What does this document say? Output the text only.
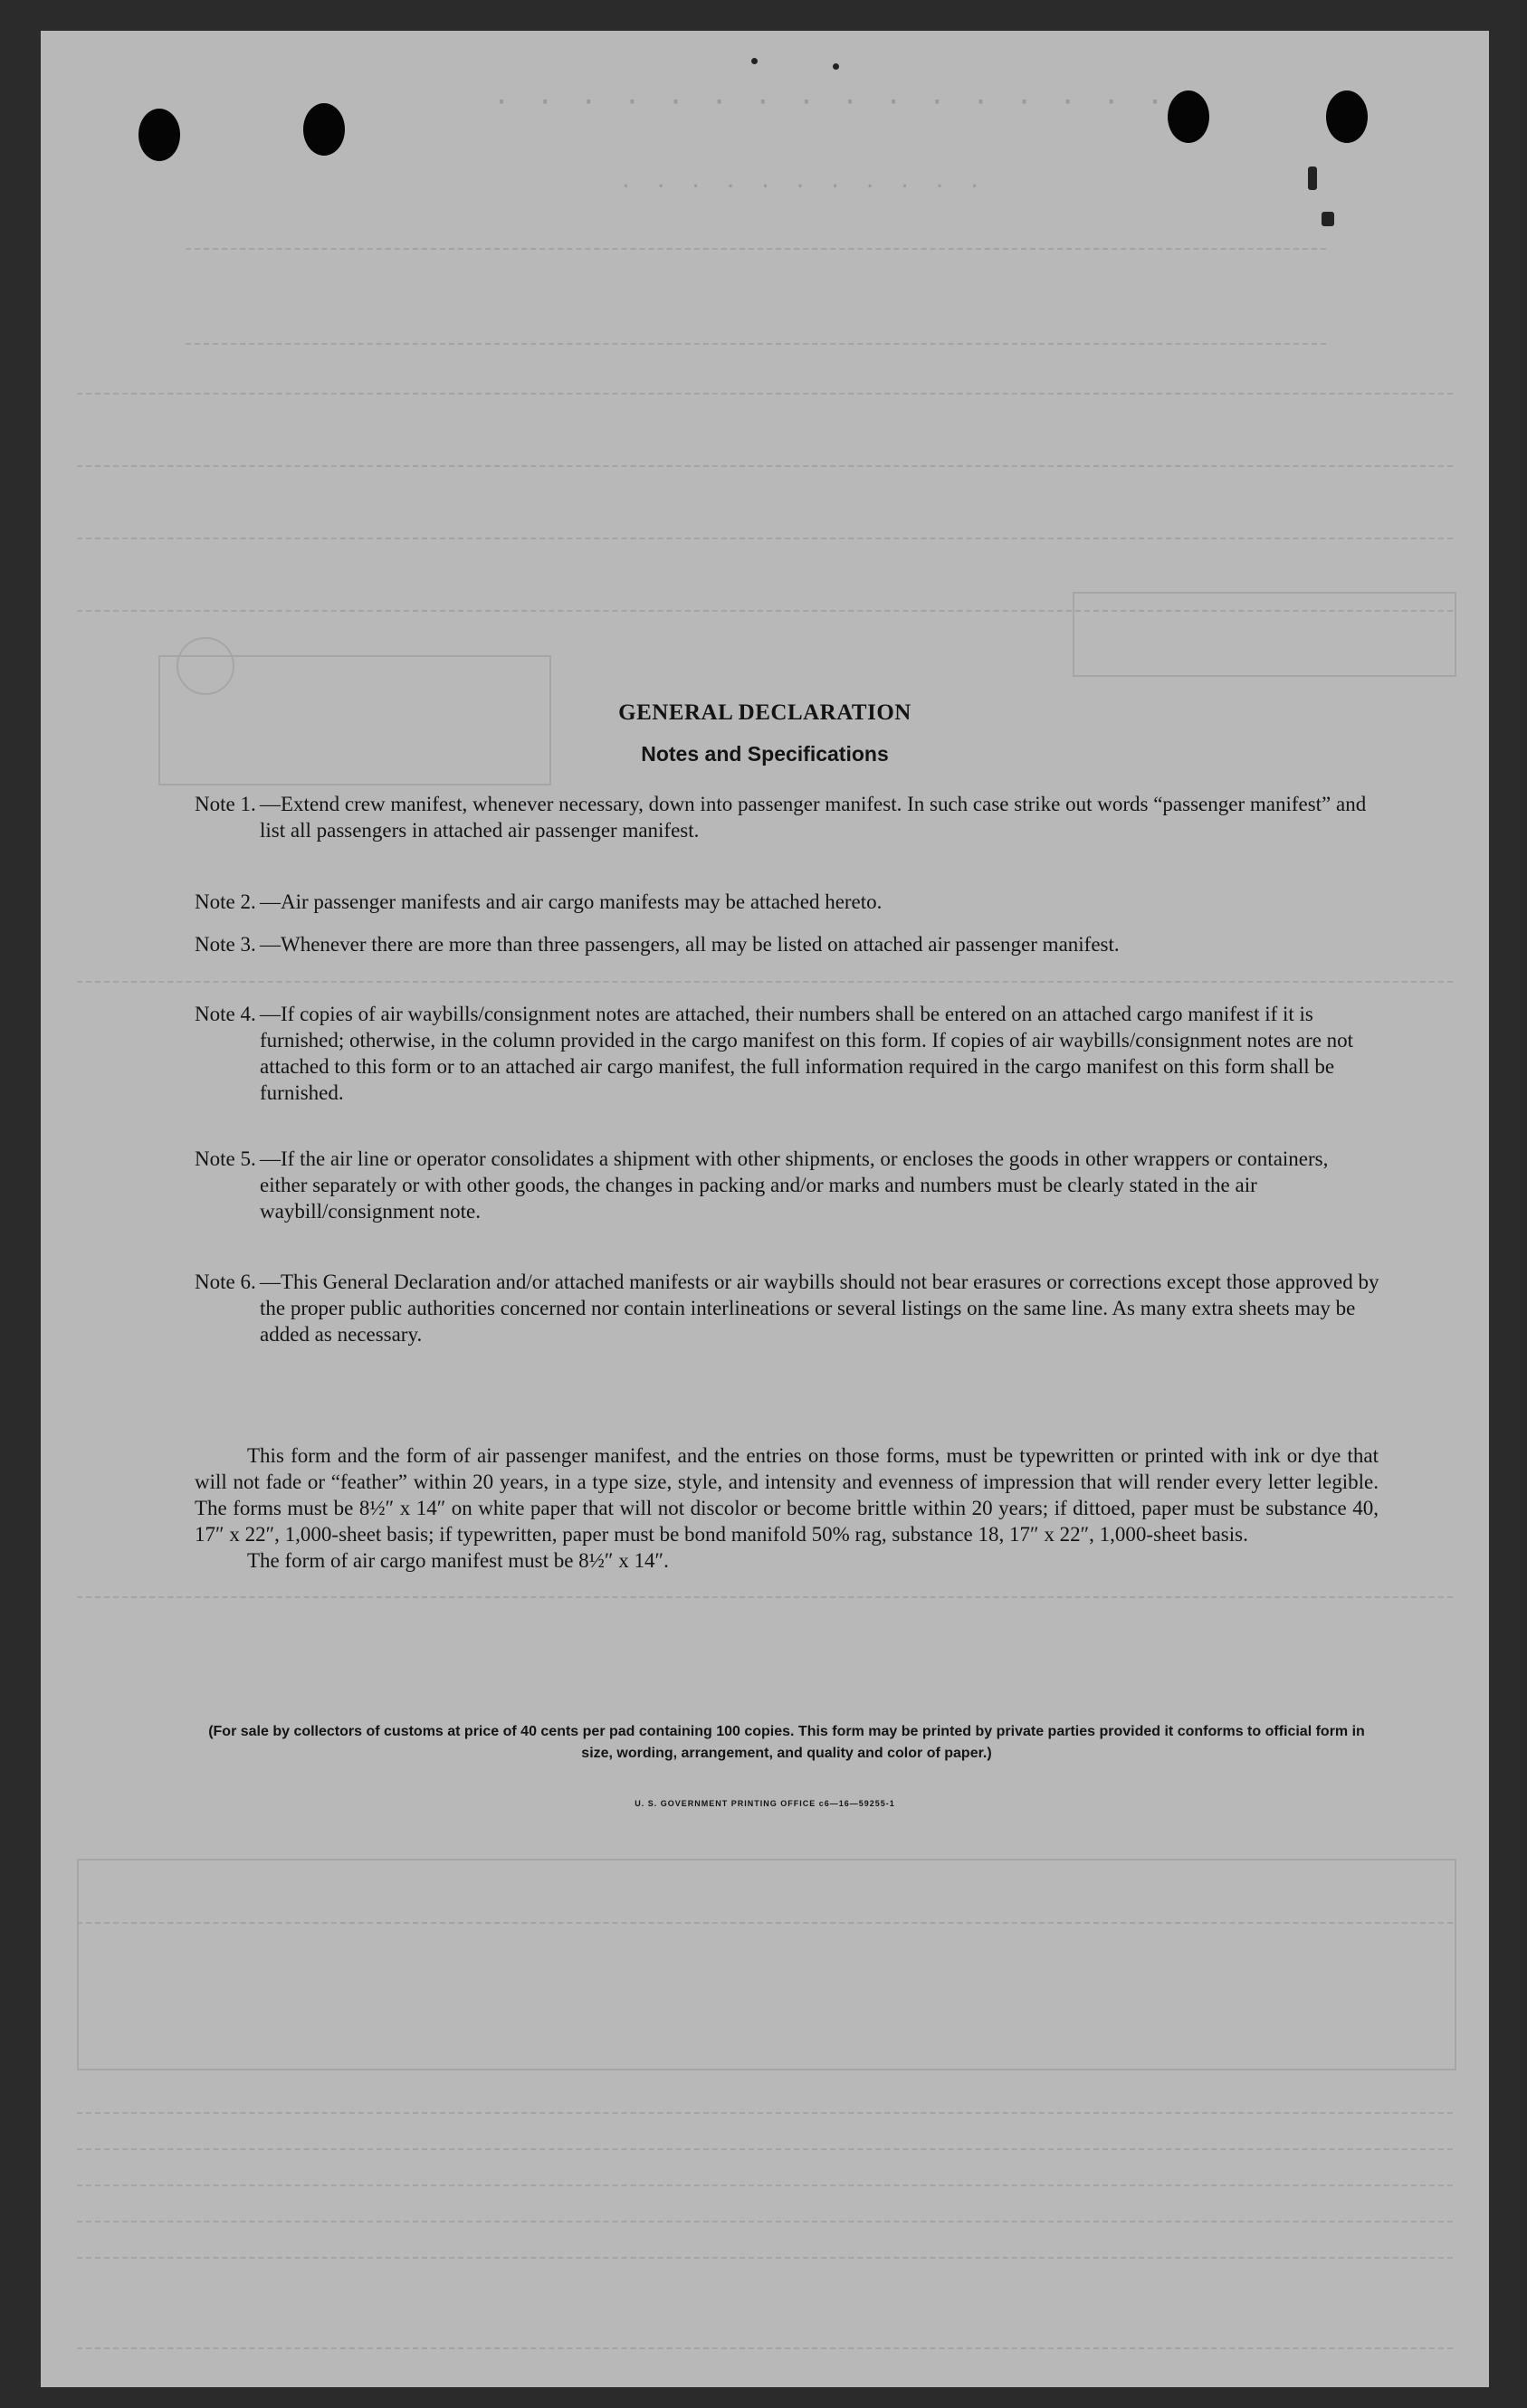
· · · · · · · · · · · · · · · ·
· · · · · · · · · · ·
GENERAL DECLARATION
Notes and Specifications
Note 1. —Extend crew manifest, whenever necessary, down into passenger manifest. In such case strike out words “passenger manifest” and list all passengers in attached air passenger manifest.
Note 2. —Air passenger manifests and air cargo manifests may be attached hereto.
Note 3. —Whenever there are more than three passengers, all may be listed on attached air passenger manifest.
Note 4. —If copies of air waybills/consignment notes are attached, their numbers shall be entered on an attached cargo manifest if it is furnished; otherwise, in the column provided in the cargo manifest on this form. If copies of air waybills/consignment notes are not attached to this form or to an attached air cargo manifest, the full information required in the cargo manifest on this form shall be furnished.
Note 5. —If the air line or operator consolidates a shipment with other shipments, or encloses the goods in other wrappers or containers, either separately or with other goods, the changes in packing and/or marks and numbers must be clearly stated in the air waybill/consignment note.
Note 6. —This General Declaration and/or attached manifests or air waybills should not bear erasures or corrections except those approved by the proper public authorities concerned nor contain interlineations or several listings on the same line. As many extra sheets may be added as necessary.

This form and the form of air passenger manifest, and the entries on those forms, must be typewritten or printed with ink or dye that will not fade or “feather” within 20 years, in a type size, style, and intensity and evenness of impression that will render every letter legible. The forms must be 8½″ x 14″ on white paper that will not discolor or become brittle within 20 years; if dittoed, paper must be substance 40, 17″ x 22″, 1,000-sheet basis; if typewritten, paper must be bond manifold 50% rag, substance 18, 17″ x 22″, 1,000-sheet basis.

The form of air cargo manifest must be 8½″ x 14″.

(For sale by collectors of customs at price of 40 cents per pad containing 100 copies. This form may be printed by private parties provided it conforms to official form in size, wording, arrangement, and quality and color of paper.)
U. S. GOVERNMENT PRINTING OFFICE c6—16—59255-1
